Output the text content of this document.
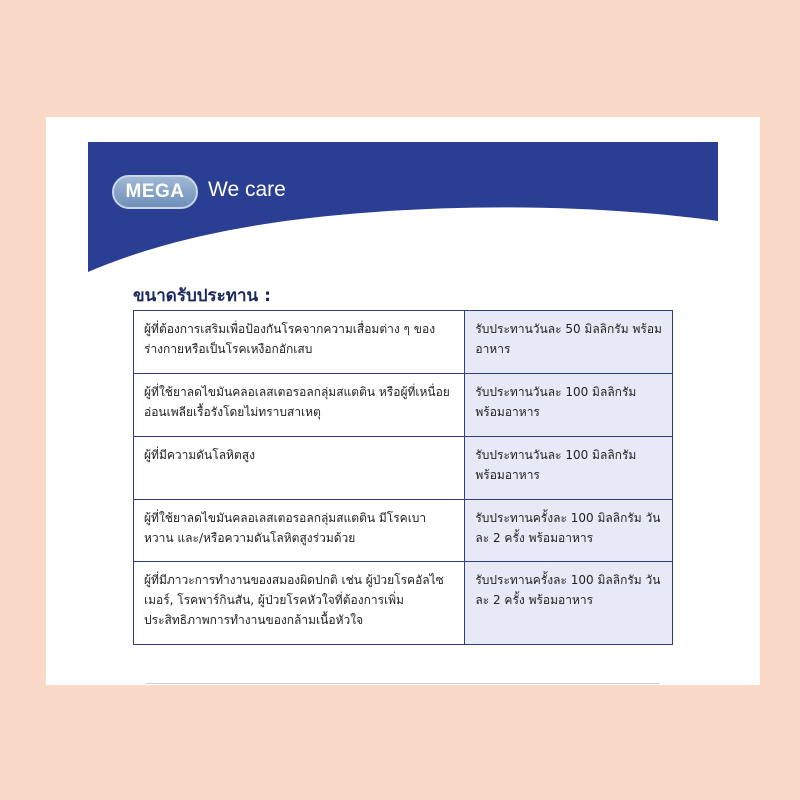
MEGA We care
ขนาดรับประทาน :
ผู้ที่ต้องการเสริมเพื่อป้องกันโรคจากความเสื่อมต่าง ๆ ของร่างกายหรือเป็นโรคเหงือกอักเสบ	รับประทานวันละ 50 มิลลิกรัม พร้อมอาหาร
ผู้ที่ใช้ยาลดไขมันคลอเลสเตอรอลกลุ่มสแตติน หรือผู้ที่เหนื่อย อ่อนเพลียเรื้อรังโดยไม่ทราบสาเหตุ	รับประทานวันละ 100 มิลลิกรัม พร้อมอาหาร
ผู้ที่มีความดันโลหิตสูง	รับประทานวันละ 100 มิลลิกรัม พร้อมอาหาร
ผู้ที่ใช้ยาลดไขมันคลอเลสเตอรอลกลุ่มสแตติน มีโรคเบาหวาน และ/หรือความดันโลหิตสูงร่วมด้วย	รับประทานครั้งละ 100 มิลลิกรัม วันละ 2 ครั้ง พร้อมอาหาร
ผู้ที่มีภาวะการทำงานของสมองผิดปกติ เช่น ผู้ป่วยโรคอัลไซเมอร์, โรคพาร์กินสัน, ผู้ป่วยโรคหัวใจที่ต้องการเพิ่มประสิทธิภาพการทำงานของกล้ามเนื้อหัวใจ	รับประทานครั้งละ 100 มิลลิกรัม วันละ 2 ครั้ง พร้อมอาหาร
